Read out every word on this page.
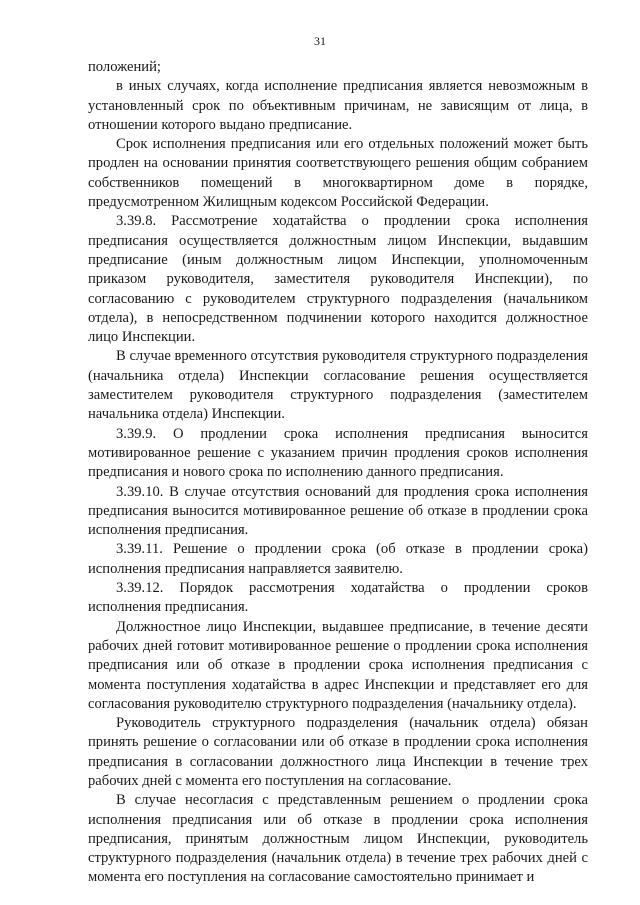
31

положений;

в иных случаях, когда исполнение предписания является невозможным в установленный срок по объективным причинам, не зависящим от лица, в отношении которого выдано предписание.

Срок исполнения предписания или его отдельных положений может быть продлен на основании принятия соответствующего решения общим собранием собственников помещений в многоквартирном доме в порядке, предусмотренном Жилищным кодексом Российской Федерации.

3.39.8. Рассмотрение ходатайства о продлении срока исполнения предписания осуществляется должностным лицом Инспекции, выдавшим предписание (иным должностным лицом Инспекции, уполномоченным приказом руководителя, заместителя руководителя Инспекции), по согласованию с руководителем структурного подразделения (начальником отдела), в непосредственном подчинении которого находится должностное лицо Инспекции.

В случае временного отсутствия руководителя структурного подразделения (начальника отдела) Инспекции согласование решения осуществляется заместителем руководителя структурного подразделения (заместителем начальника отдела) Инспекции.

3.39.9. О продлении срока исполнения предписания выносится мотивированное решение с указанием причин продления сроков исполнения предписания и нового срока по исполнению данного предписания.

3.39.10. В случае отсутствия оснований для продления срока исполнения предписания выносится мотивированное решение об отказе в продлении срока исполнения предписания.

3.39.11. Решение о продлении срока (об отказе в продлении срока) исполнения предписания направляется заявителю.

3.39.12. Порядок рассмотрения ходатайства о продлении сроков исполнения предписания.

Должностное лицо Инспекции, выдавшее предписание, в течение десяти рабочих дней готовит мотивированное решение о продлении срока исполнения предписания или об отказе в продлении срока исполнения предписания с момента поступления ходатайства в адрес Инспекции и представляет его для согласования руководителю структурного подразделения (начальнику отдела).

Руководитель структурного подразделения (начальник отдела) обязан принять решение о согласовании или об отказе в продлении срока исполнения предписания в согласовании должностного лица Инспекции в течение трех рабочих дней с момента его поступления на согласование.

В случае несогласия с представленным решением о продлении срока исполнения предписания или об отказе в продлении срока исполнения предписания, принятым должностным лицом Инспекции, руководитель структурного подразделения (начальник отдела) в течение трех рабочих дней с момента его поступления на согласование самостоятельно принимает и
